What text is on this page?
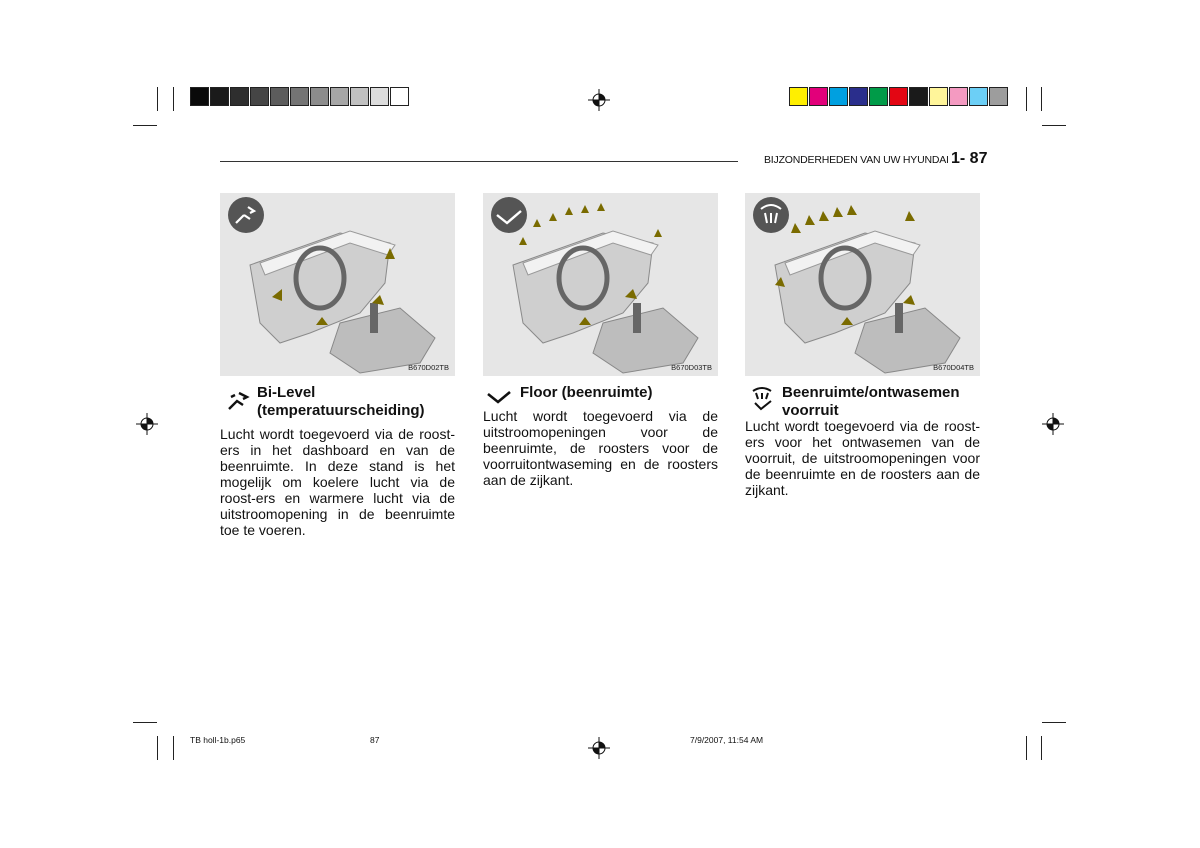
BIJZONDERHEDEN VAN UW HYUNDAI 1- 87
B670D02TB	B670D03TB	B670D04TB
Bi-Level
(temperatuurscheiding)
Lucht wordt toegevoerd via de roost-ers in het dashboard en van de beenruimte. In deze stand is het mogelijk om koelere lucht via de roost-ers en warmere lucht via de uitstroomopening in de beenruimte toe te voeren.
Floor (beenruimte)
Lucht wordt toegevoerd via de uitstroomopeningen voor de beenruimte, de roosters voor de voorruitontwaseming en de roosters aan de zijkant.
Beenruimte/ontwasemen
voorruit
Lucht wordt toegevoerd via de roost-ers voor het ontwasemen van de voorruit, de uitstroomopeningen voor de beenruimte en de roosters aan de zijkant.
TB holl-1b.p65	87	7/9/2007, 11:54 AM
